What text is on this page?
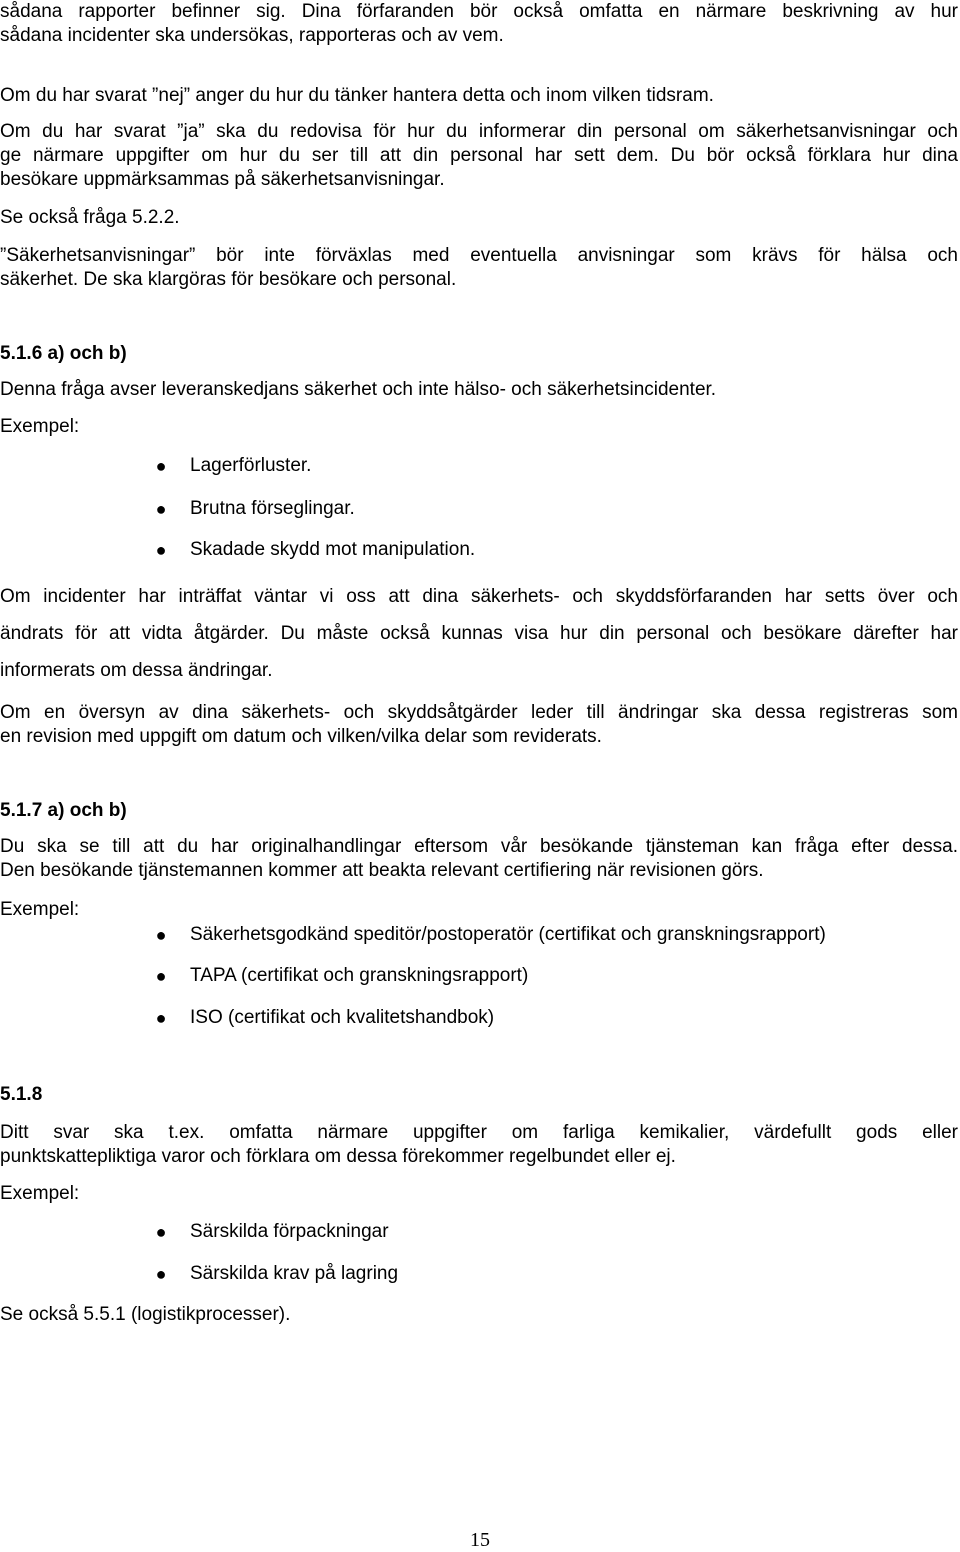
sådana rapporter befinner sig. Dina förfaranden bör också omfatta en närmare beskrivning av hur
sådana incidenter ska undersökas, rapporteras och av vem.
Om du har svarat ”nej” anger du hur du tänker hantera detta och inom vilken tidsram.
Om du har svarat ”ja” ska du redovisa för hur du informerar din personal om säkerhetsanvisningar och
ge närmare uppgifter om hur du ser till att din personal har sett dem. Du bör också förklara hur dina
besökare uppmärksammas på säkerhetsanvisningar.
Se också fråga 5.2.2.
”Säkerhetsanvisningar” bör inte förväxlas med eventuella anvisningar som krävs för hälsa och
säkerhet. De ska klargöras för besökare och personal.
5.1.6 a) och b)
Denna fråga avser leveranskedjans säkerhet och inte hälso- och säkerhetsincidenter.
Exempel:
● Lagerförluster.
● Brutna förseglingar.
● Skadade skydd mot manipulation.
Om incidenter har inträffat väntar vi oss att dina säkerhets- och skyddsförfaranden har setts över och
ändrats för att vidta åtgärder. Du måste också kunnas visa hur din personal och besökare därefter har
informerats om dessa ändringar.
Om en översyn av dina säkerhets- och skyddsåtgärder leder till ändringar ska dessa registreras som
en revision med uppgift om datum och vilken/vilka delar som reviderats.
5.1.7 a) och b)
Du ska se till att du har originalhandlingar eftersom vår besökande tjänsteman kan fråga efter dessa.
Den besökande tjänstemannen kommer att beakta relevant certifiering när revisionen görs.
Exempel:
● Säkerhetsgodkänd speditör/postoperatör (certifikat och granskningsrapport)
● TAPA (certifikat och granskningsrapport)
● ISO (certifikat och kvalitetshandbok)
5.1.8
Ditt svar ska t.ex. omfatta närmare uppgifter om farliga kemikalier, värdefullt gods eller
punktskattepliktiga varor och förklara om dessa förekommer regelbundet eller ej.
Exempel:
● Särskilda förpackningar
● Särskilda krav på lagring
Se också 5.5.1 (logistikprocesser).
15
